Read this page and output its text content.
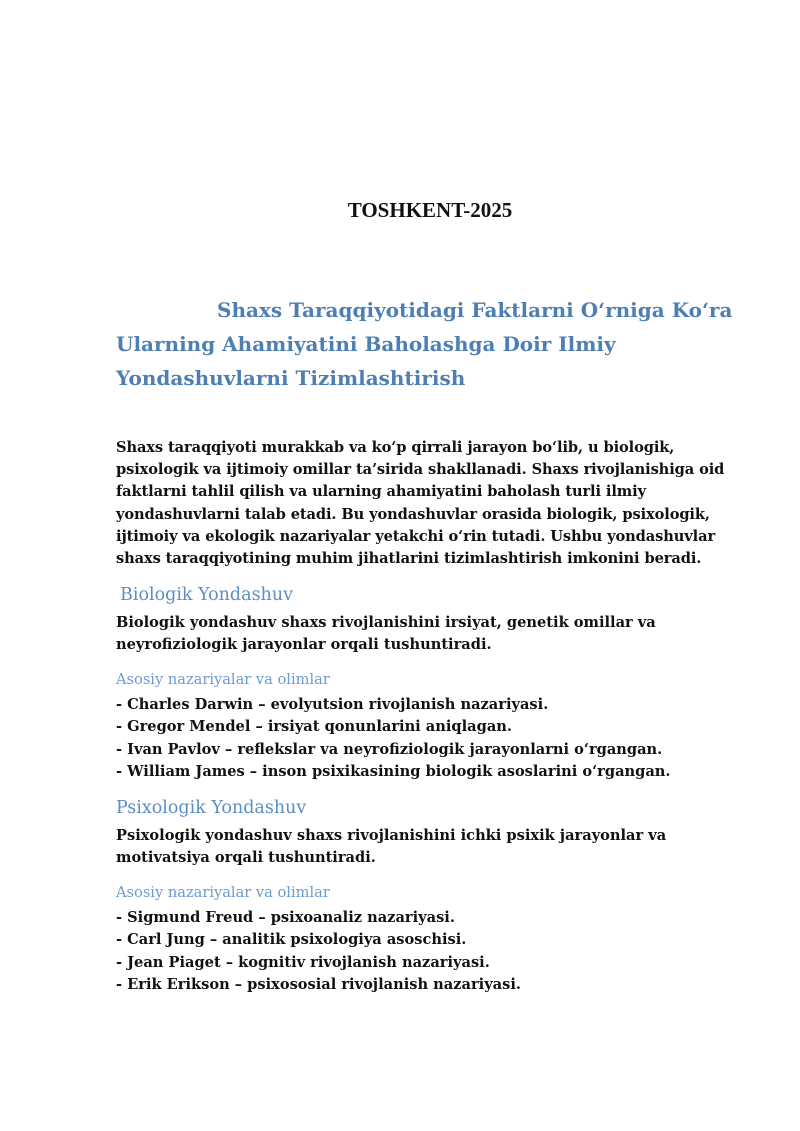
TOSHKENT-2025

Shaxs Taraqqiyotidagi Faktlarni O‘rniga Ko‘ra
Ularning Ahamiyatini Baholashga Doir Ilmiy
Yondashuvlarni Tizimlashtirish

Shaxs taraqqiyoti murakkab va ko‘p qirrali jarayon bo‘lib, u biologik, psixologik va ijtimoiy omillar ta’sirida shakllanadi. Shaxs rivojlanishiga oid faktlarni tahlil qilish va ularning ahamiyatini baholash turli ilmiy yondashuvlarni talab etadi. Bu yondashuvlar orasida biologik, psixologik, ijtimoiy va ekologik nazariyalar yetakchi o‘rin tutadi. Ushbu yondashuvlar shaxs taraqqiyotining muhim jihatlarini tizimlashtirish imkonini beradi.

Biologik Yondashuv

Biologik yondashuv shaxs rivojlanishini irsiyat, genetik omillar va neyrofiziologik jarayonlar orqali tushuntiradi.

Asosiy nazariyalar va olimlar
- Charles Darwin – evolyutsion rivojlanish nazariyasi.
- Gregor Mendel – irsiyat qonunlarini aniqlagan.
- Ivan Pavlov – reflekslar va neyrofiziologik jarayonlarni o‘rgangan.
- William James – inson psixikasining biologik asoslarini o‘rgangan.
Psixologik Yondashuv

Psixologik yondashuv shaxs rivojlanishini ichki psixik jarayonlar va motivatsiya orqali tushuntiradi.

Asosiy nazariyalar va olimlar
- Sigmund Freud – psixoanaliz nazariyasi.
- Carl Jung – analitik psixologiya asoschisi.
- Jean Piaget – kognitiv rivojlanish nazariyasi.
- Erik Erikson – psixososial rivojlanish nazariyasi.
